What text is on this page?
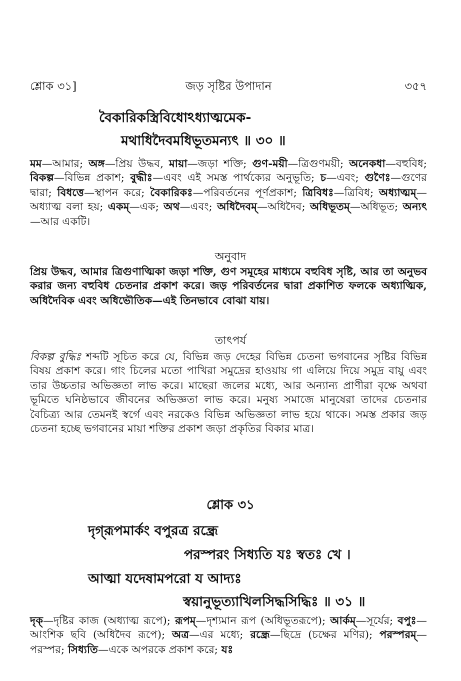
শ্লোক ৩১]	জড় সৃষ্টির উপাদান	৩৫৭
বৈকারিকস্ত্রিবিধোঽধ্যাত্মমেক-
মথাধিদৈবমধিভূতমন্যৎ ॥ ৩০ ॥
মম—আমার; অঙ্গ—প্রিয় উদ্ধব, মায়া—জড়া শক্তি; গুণ-ময়ী—ত্রিগুণময়ী; অনেকধা—বহুবিধ; বিকল্প—বিভিন্ন প্রকাশ; বুদ্ধীঃ—এবং এই সমস্ত পার্থক্যের অনুভূতি; চ—এবং; গুণৈঃ—গুণের দ্বারা; বিধত্তে—স্থাপন করে; বৈকারিকঃ—পরিবর্তনের পূর্ণপ্রকাশ; ত্রিবিধঃ—ত্রিবিধ; অধ্যাত্মম্—অধ্যাত্ম বলা হয়; একম্—এক; অথ—এবং; অধিদৈবম্—অধিদৈব; অধিভূতম্—অধিভূত; অন্যৎ—আর একটি।
অনুবাদ
প্রিয় উদ্ধব, আমার ত্রিগুণাত্মিকা জড়া শক্তি, গুণ সমূহের মাধ্যমে বহুবিধ সৃষ্টি, আর তা অনুভব করার জন্য বহুবিধ চেতনার প্রকাশ করে। জড় পরিবর্তনের দ্বারা প্রকাশিত ফলকে অধ্যাত্মিক, অধিদৈবিক এবং অধিভৌতিক—এই তিনভাবে বোঝা যায়।
তাৎপর্য
বিকল্প বুদ্ধিঃ শব্দটি সূচিত করে যে, বিভিন্ন জড় দেহের বিভিন্ন চেতনা ভগবানের সৃষ্টির বিভিন্ন বিষয় প্রকাশ করে। গাং চিলের মতো পাখিরা সমুদ্রের হাওয়ায় গা এলিয়ে দিয়ে সমুদ্র বায়ু এবং তার উচ্চতার অভিজ্ঞতা লাভ করে। মাছেরা জলের মধ্যে, আর অন্যান্য প্রাণীরা বৃক্ষে অথবা ভূমিতে ঘনিষ্ঠভাবে জীবনের অভিজ্ঞতা লাভ করে। মনুষ্য সমাজে মানুষেরা তাদের চেতনার বৈচিত্র্য আর তেমনই স্বর্গে এবং নরকেও বিভিন্ন অভিজ্ঞতা লাভ হয়ে থাকে। সমস্ত প্রকার জড় চেতনা হচ্ছে ভগবানের মায়া শক্তির প্রকাশ জড়া প্রকৃতির বিকার মাত্র।
শ্লোক ৩১
দৃগ্‌রূপমার্কং বপুরত্র রন্ধ্রে
পরস্পরং সিধ্যতি যঃ স্বতঃ খে ।
আত্মা যদেষামপরো য আদ্যঃ
স্বয়ানুভূত্যাখিলসিদ্ধসিদ্ধিঃ ॥ ৩১ ॥
দৃক্—দৃষ্টির কাজ (অধ্যাত্ম রূপে); রূপম্—দৃশ্যমান রূপ (অধিভূতরূপে); আর্কম্—সূর্যের; বপুঃ—আংশিক ছবি (অধিদৈব রূপে); অত্র—এর মধ্যে; রন্ধ্রে—ছিদ্রে (চক্ষের মণির); পরস্পরম্—পরস্পর; সিধ্যতি—একে অপরকে প্রকাশ করে; যঃ
